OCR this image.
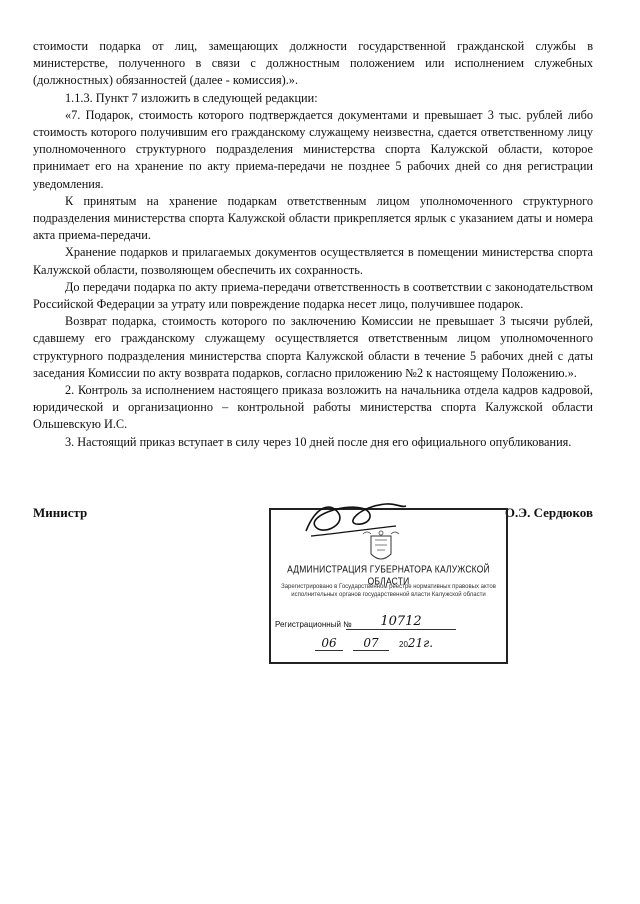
стоимости подарка от лиц, замещающих должности государственной гражданской службы в министерстве, полученного в связи с должностным положением или исполнением служебных (должностных) обязанностей (далее - комиссия).».

1.1.3. Пункт 7 изложить в следующей редакции:

«7. Подарок, стоимость которого подтверждается документами и превышает 3 тыс. рублей либо стоимость которого получившим его гражданскому служащему неизвестна, сдается ответственному лицу уполномоченного структурного подразделения министерства спорта Калужской области, которое принимает его на хранение по акту приема-передачи не позднее 5 рабочих дней со дня регистрации уведомления.

К принятым на хранение подаркам ответственным лицом уполномоченного структурного подразделения министерства спорта Калужской области прикрепляется ярлык с указанием даты и номера акта приема-передачи.

Хранение подарков и прилагаемых документов осуществляется в помещении министерства спорта Калужской области, позволяющем обеспечить их сохранность.

До передачи подарка по акту приема-передачи ответственность в соответствии с законодательством Российской Федерации за утрату или повреждение подарка несет лицо, получившее подарок.

Возврат подарка, стоимость которого по заключению Комиссии не превышает 3 тысячи рублей, сдавшему его гражданскому служащему осуществляется ответственным лицом уполномоченного структурного подразделения министерства спорта Калужской области в течение 5 рабочих дней с даты заседания Комиссии по акту возврата подарков, согласно приложению №2 к настоящему Положению.».

2. Контроль за исполнением настоящего приказа возложить на начальника отдела кадров кадровой, юридической и организационно – контрольной работы министерства спорта Калужской области Ольшевскую И.С.

3. Настоящий приказ вступает в силу через 10 дней после дня его официального опубликования.

Министр	О.Э. Сердюков
АДМИНИСТРАЦИЯ ГУБЕРНАТОРА КАЛУЖСКОЙ ОБЛАСТИ
Зарегистрировано в Государственном реестре нормативных правовых актов исполнительных органов государственной власти Калужской области
Регистрационный №	10712
06 07	2021г.
